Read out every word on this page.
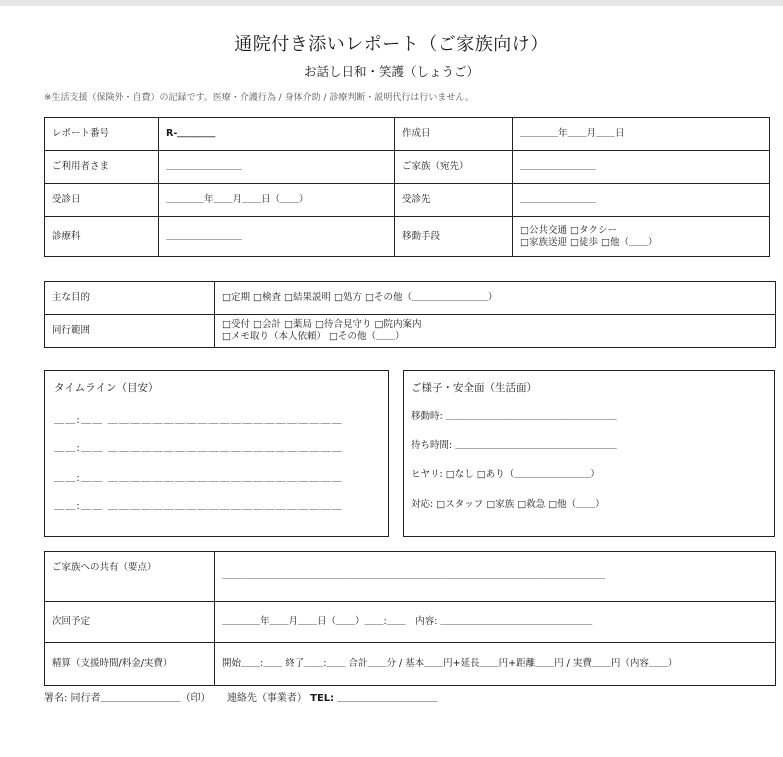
通院付き添いレポート（ご家族向け）
お話し日和・笑護（しょうご）
※生活支援（保険外・自費）の記録です。医療・介護行為 / 身体介助 / 診療判断・説明代行は行いません。
レポート番号	R-＿＿＿＿	作成日	＿＿＿＿年＿＿月＿＿日
ご利用者さま	＿＿＿＿＿＿＿＿	ご家族（宛先）	＿＿＿＿＿＿＿＿
受診日	＿＿＿＿年＿＿月＿＿日（＿＿）	受診先	＿＿＿＿＿＿＿＿
診療科	＿＿＿＿＿＿＿＿	移動手段	□公共交通 □タクシー
□家族送迎 □徒歩 □他（＿＿）
主な目的	□定期 □検査 □結果説明 □処方 □その他（＿＿＿＿＿＿＿＿）
同行範囲	□受付 □会計 □薬局 □待合見守り □院内案内
□メモ取り（本人依頼） □その他（＿＿）
タイムライン（目安）
＿＿:＿＿ ＿＿＿＿＿＿＿＿＿＿＿＿＿＿＿＿＿＿＿＿＿
＿＿:＿＿ ＿＿＿＿＿＿＿＿＿＿＿＿＿＿＿＿＿＿＿＿＿
＿＿:＿＿ ＿＿＿＿＿＿＿＿＿＿＿＿＿＿＿＿＿＿＿＿＿
＿＿:＿＿ ＿＿＿＿＿＿＿＿＿＿＿＿＿＿＿＿＿＿＿＿＿
ご様子・安全面（生活面）
移動時: ＿＿＿＿＿＿＿＿＿＿＿＿＿＿＿＿＿＿
待ち時間: ＿＿＿＿＿＿＿＿＿＿＿＿＿＿＿＿＿
ヒヤリ: □なし □あり（＿＿＿＿＿＿＿＿）
対応: □スタッフ □家族 □救急 □他（＿＿）
ご家族への共有（要点）	＿＿＿＿＿＿＿＿＿＿＿＿＿＿＿＿＿＿＿＿＿＿＿＿＿＿＿＿＿＿＿＿＿＿＿＿＿＿＿＿＿＿＿＿
次回予定	＿＿＿＿年＿＿月＿＿日（＿＿）＿＿:＿＿　内容: ＿＿＿＿＿＿＿＿＿＿＿＿＿＿＿＿
精算（支援時間/料金/実費）	開始＿＿:＿＿ 終了＿＿:＿＿ 合計＿＿分 / 基本＿＿円+延長＿＿円+距離＿＿円 / 実費＿＿円（内容＿＿）
署名: 同行者＿＿＿＿＿＿＿＿（印） 連絡先（事業者） TEL: ＿＿＿＿＿＿＿＿＿＿
